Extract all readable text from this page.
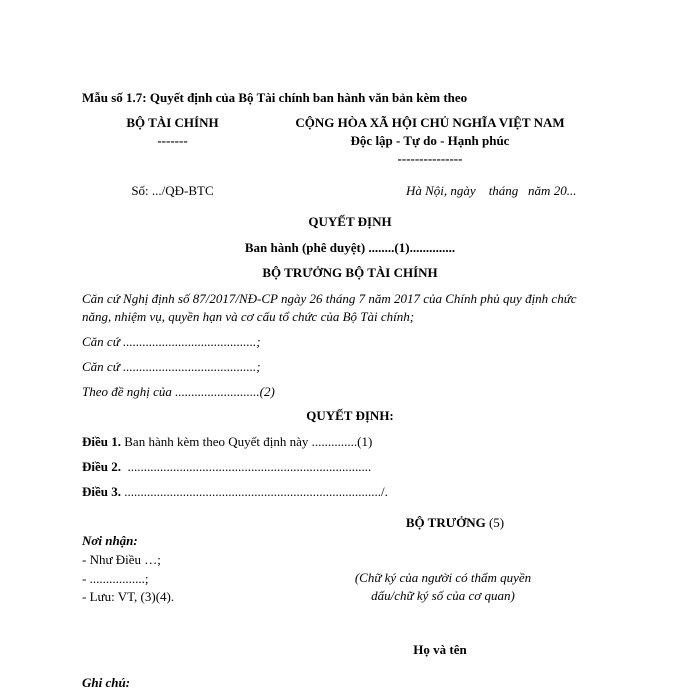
Mẫu số 1.7: Quyết định của Bộ Tài chính ban hành văn bản kèm theo
BỘ TÀI CHÍNH
-------
CỘNG HÒA XÃ HỘI CHỦ NGHĨA VIỆT NAM
Độc lập - Tự do - Hạnh phúc
---------------
Số: .../QĐ-BTC	Hà Nội, ngày    tháng   năm 20...
QUYẾT ĐỊNH
Ban hành (phê duyệt) ........(1)..............
BỘ TRƯỞNG BỘ TÀI CHÍNH
Căn cứ Nghị định số 87/2017/NĐ-CP ngày 26 tháng 7 năm 2017 của Chính phủ quy định chức
năng, nhiệm vụ, quyền hạn và cơ cấu tổ chức của Bộ Tài chính;
Căn cứ .........................................;
Căn cứ .........................................;
Theo đề nghị của ..........................(2)
QUYẾT ĐỊNH:
Điều 1. Ban hành kèm theo Quyết định này ..............(1)
Điều 2.  ...........................................................................
Điều 3. .............................................................................../.
BỘ TRƯỞNG (5)
Nơi nhận:
- Như Điều …;
- .................;
- Lưu: VT, (3)(4).
(Chữ ký của người có thẩm quyền
dấu/chữ ký số của cơ quan)
Họ và tên
Ghi chú:
